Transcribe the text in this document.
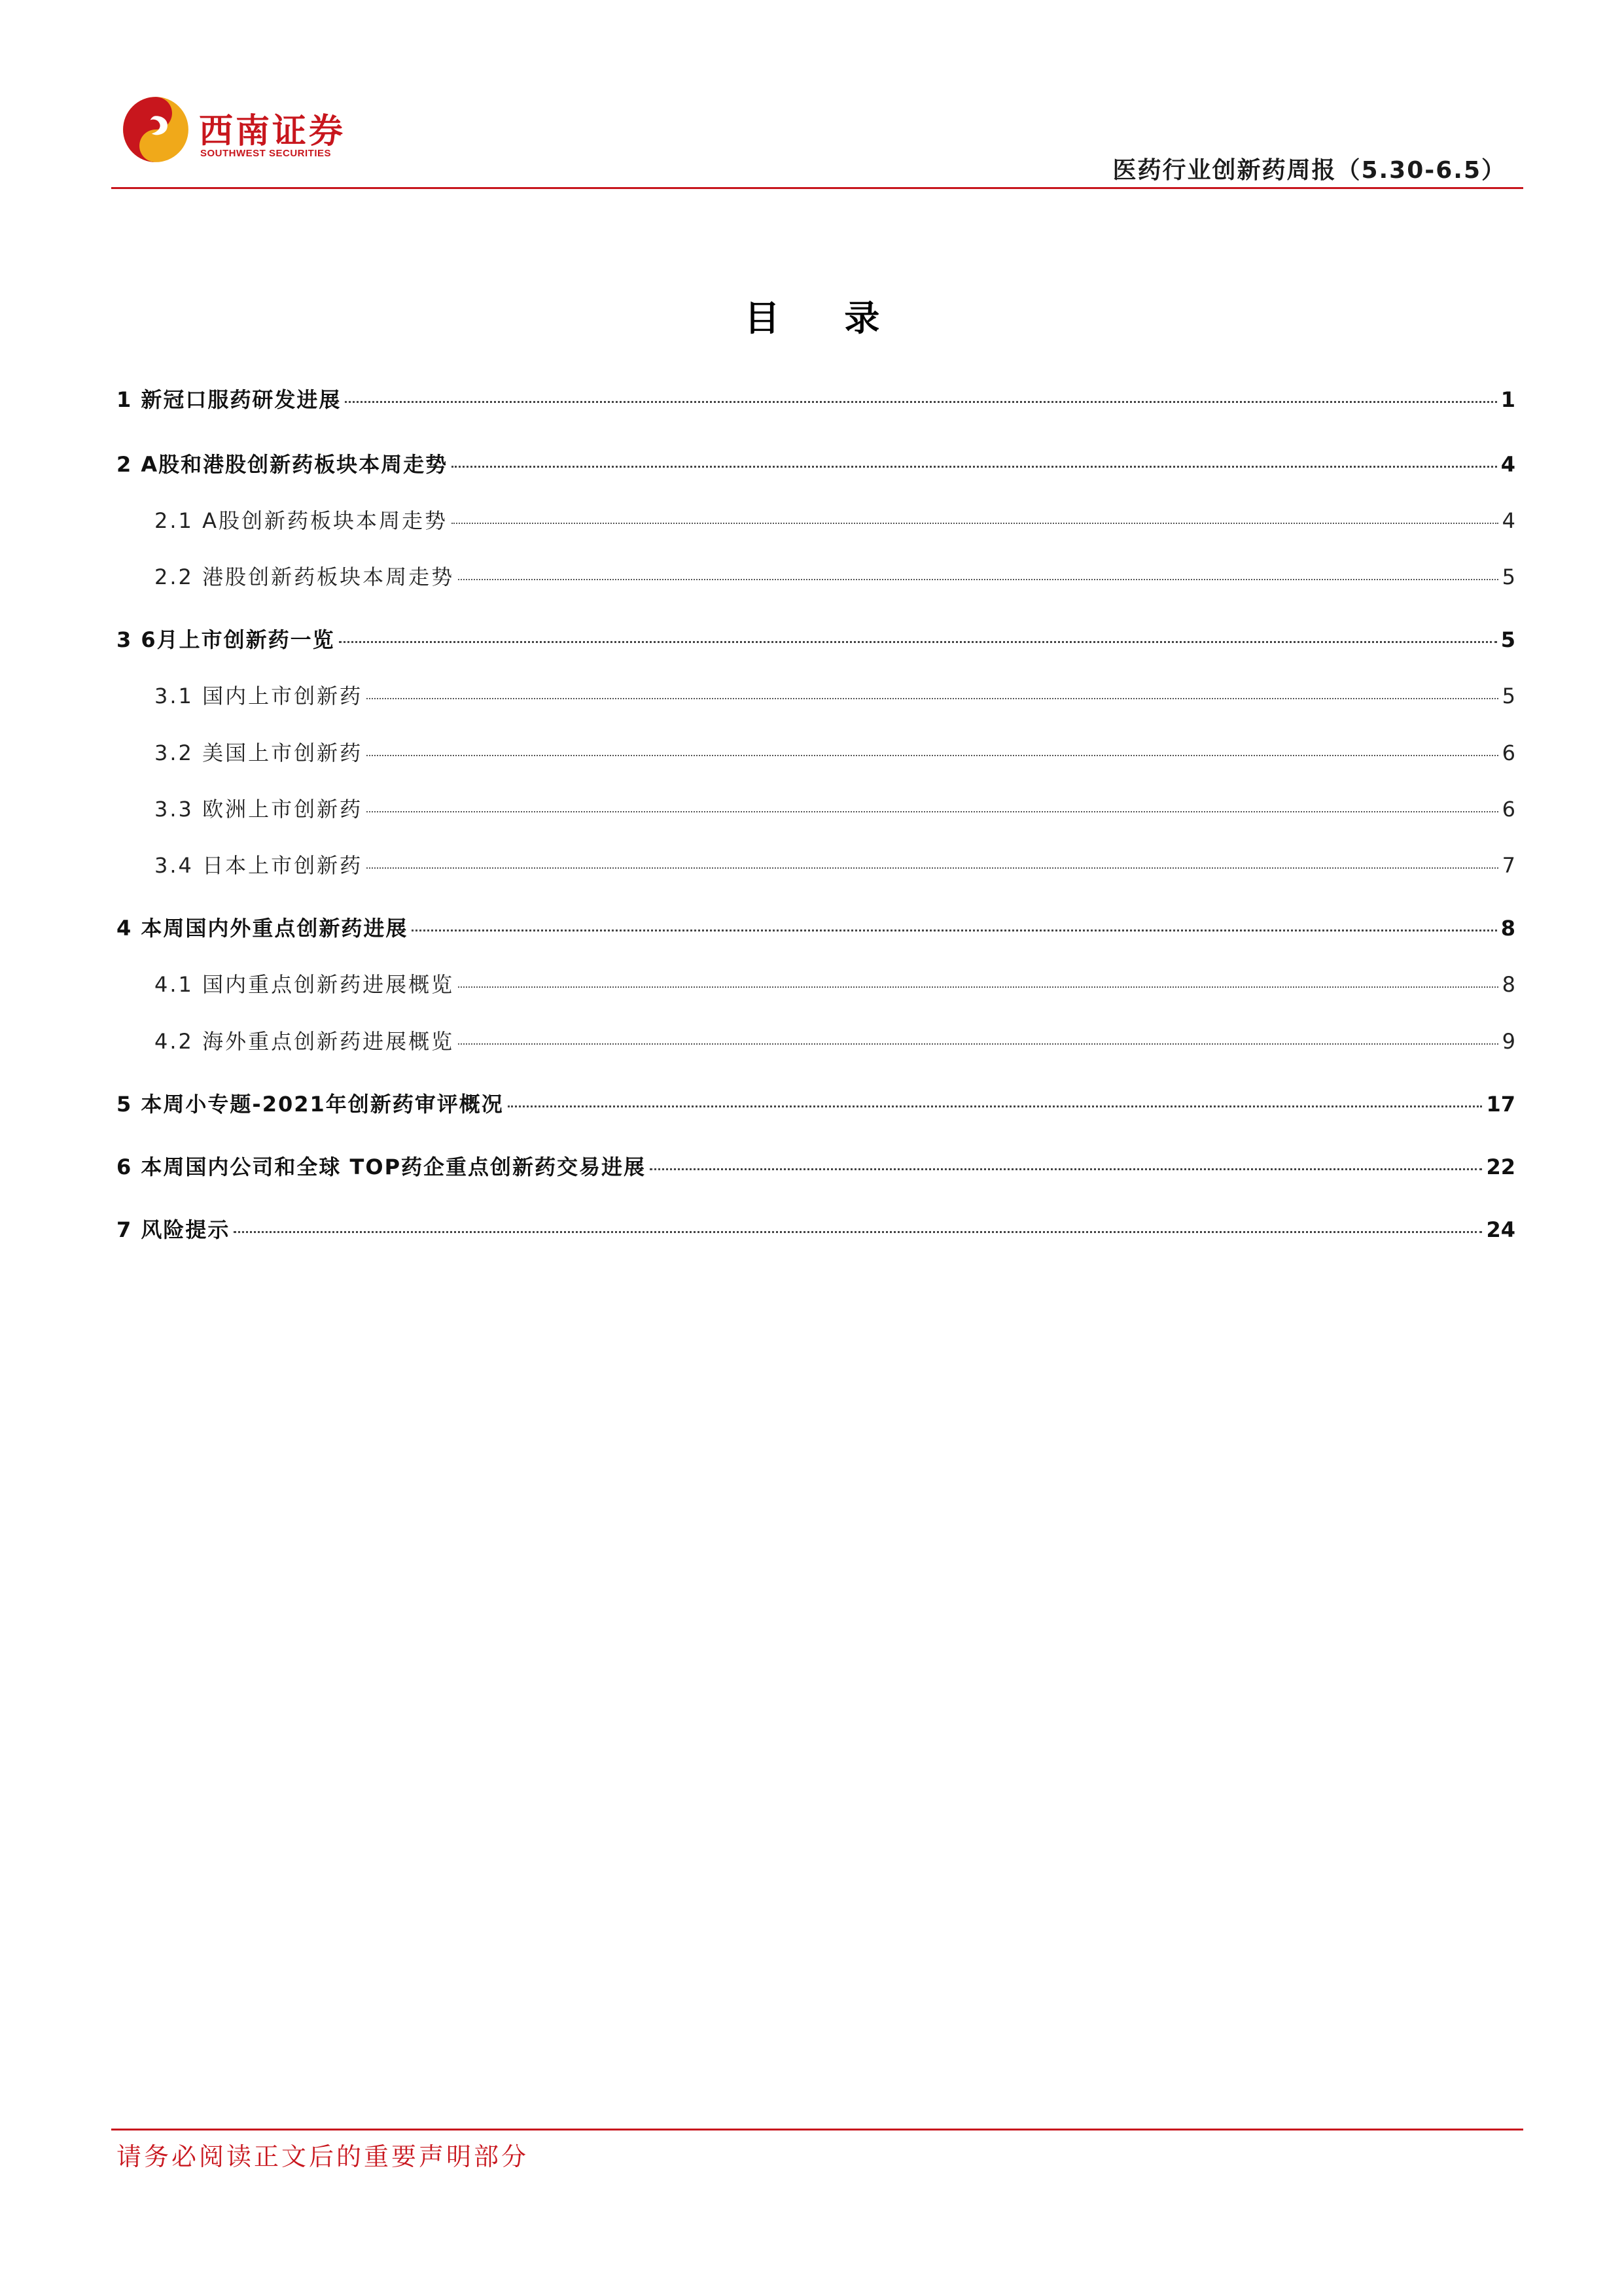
西南证券
SOUTHWEST SECURITIES
医药行业创新药周报（5.30-6.5）
目 录
1 新冠口服药研发进展	1
2 A股和港股创新药板块本周走势	4
2.1 A股创新药板块本周走势	4
2.2 港股创新药板块本周走势	5
3 6月上市创新药一览	5
3.1 国内上市创新药	5
3.2 美国上市创新药	6
3.3 欧洲上市创新药	6
3.4 日本上市创新药	7
4 本周国内外重点创新药进展	8
4.1 国内重点创新药进展概览	8
4.2 海外重点创新药进展概览	9
5 本周小专题-2021年创新药审评概况	17
6 本周国内公司和全球 TOP药企重点创新药交易进展	22
7 风险提示	24
请务必阅读正文后的重要声明部分
